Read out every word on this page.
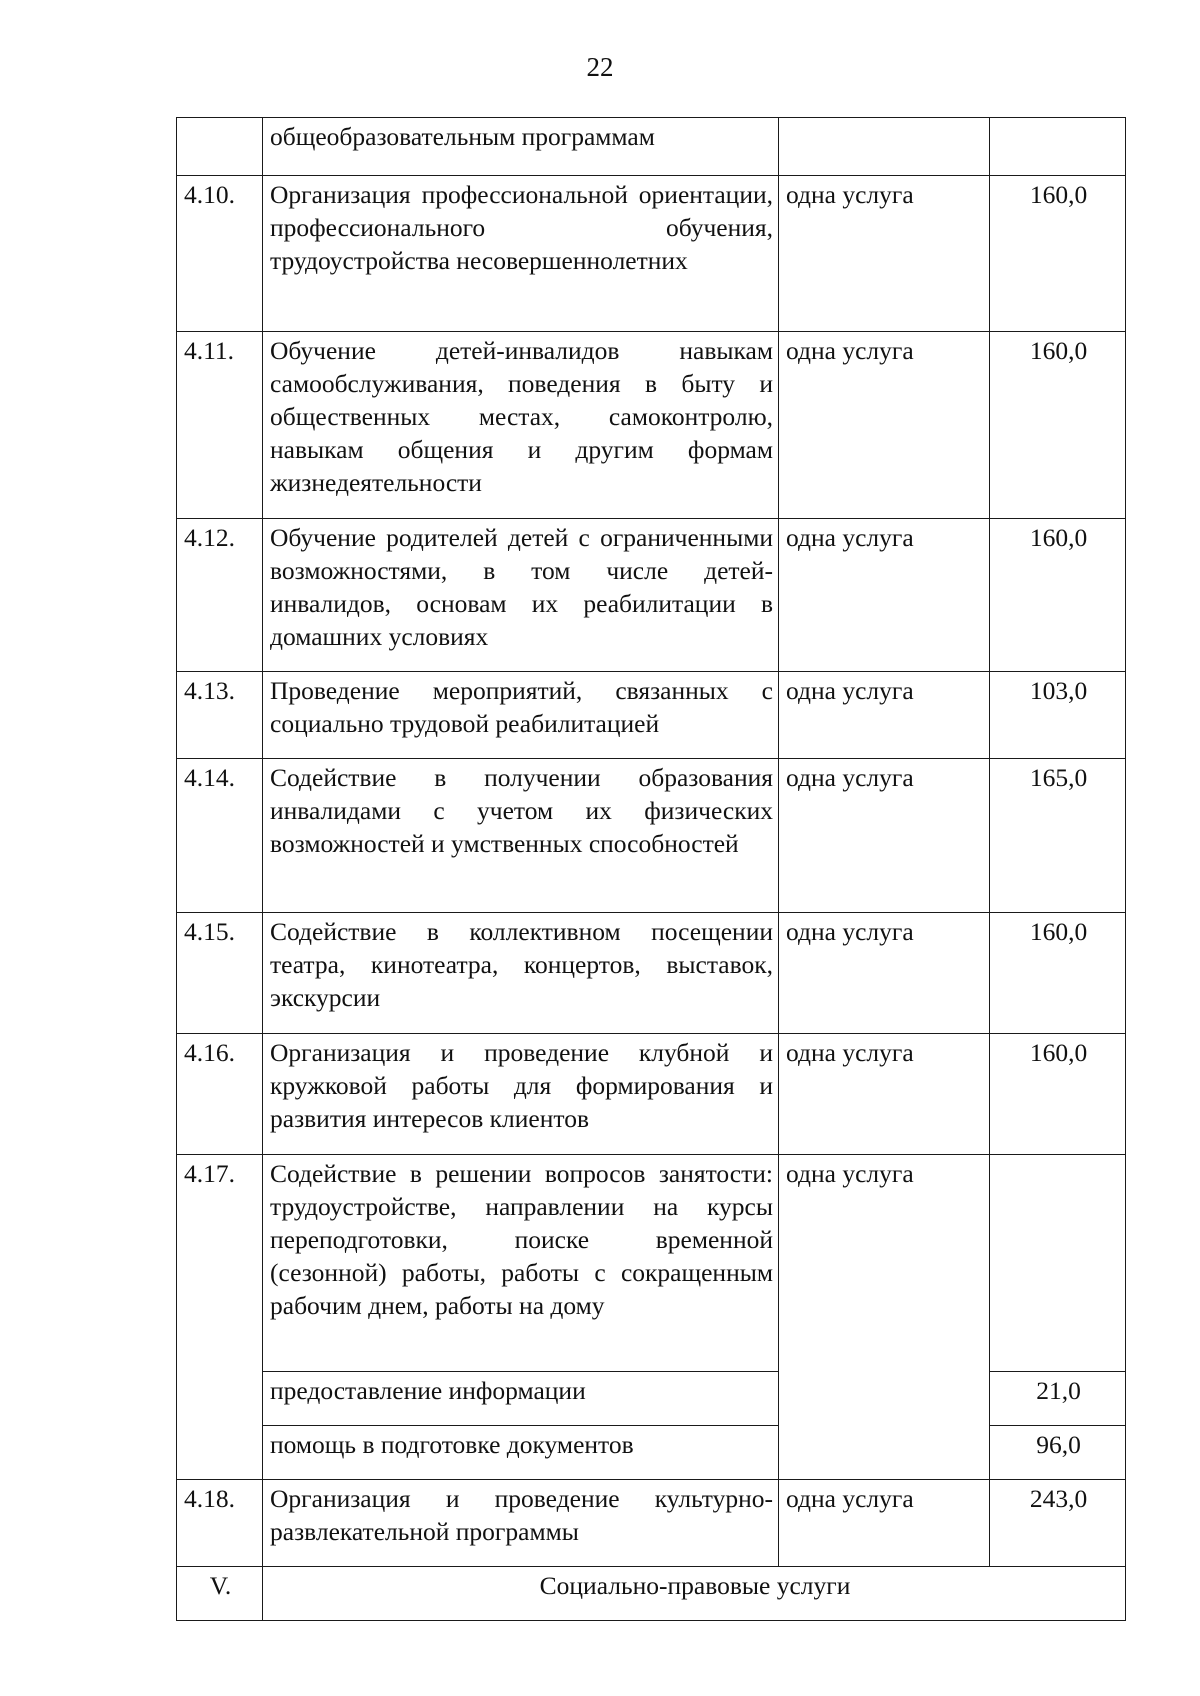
22
	общеобразовательным программам		
4.10.	Организация профессиональной ориентации, профессионального обучения, трудоустройства несовершеннолетних	одна услуга	160,0
4.11.	Обучение детей-инвалидов навыкам самообслуживания, поведения в быту и общественных местах, самоконтролю, навыкам общения и другим формам жизнедеятельности	одна услуга	160,0
4.12.	Обучение родителей детей с ограниченными возможностями, в том числе детей-инвалидов, основам их реабилитации в домашних условиях	одна услуга	160,0
4.13.	Проведение мероприятий, связанных с социально трудовой реабилитацией	одна услуга	103,0
4.14.	Содействие в получении образования инвалидами с учетом их физических возможностей и умственных способностей	одна услуга	165,0
4.15.	Содействие в коллективном посещении театра, кинотеатра, концертов, выставок, экскурсии	одна услуга	160,0
4.16.	Организация и проведение клубной и кружковой работы для формирования и развития интересов клиентов	одна услуга	160,0
4.17.	Содействие в решении вопросов занятости: трудоустройстве, направлении на курсы переподготовки, поиске временной (сезонной) работы, работы с сокращенным рабочим днем, работы на дому	одна услуга	
	предоставление информации		21,0
	помощь в подготовке документов		96,0
4.18.	Организация и проведение культурно-развлекательной программы	одна услуга	243,0
V.	Социально-правовые услуги		
